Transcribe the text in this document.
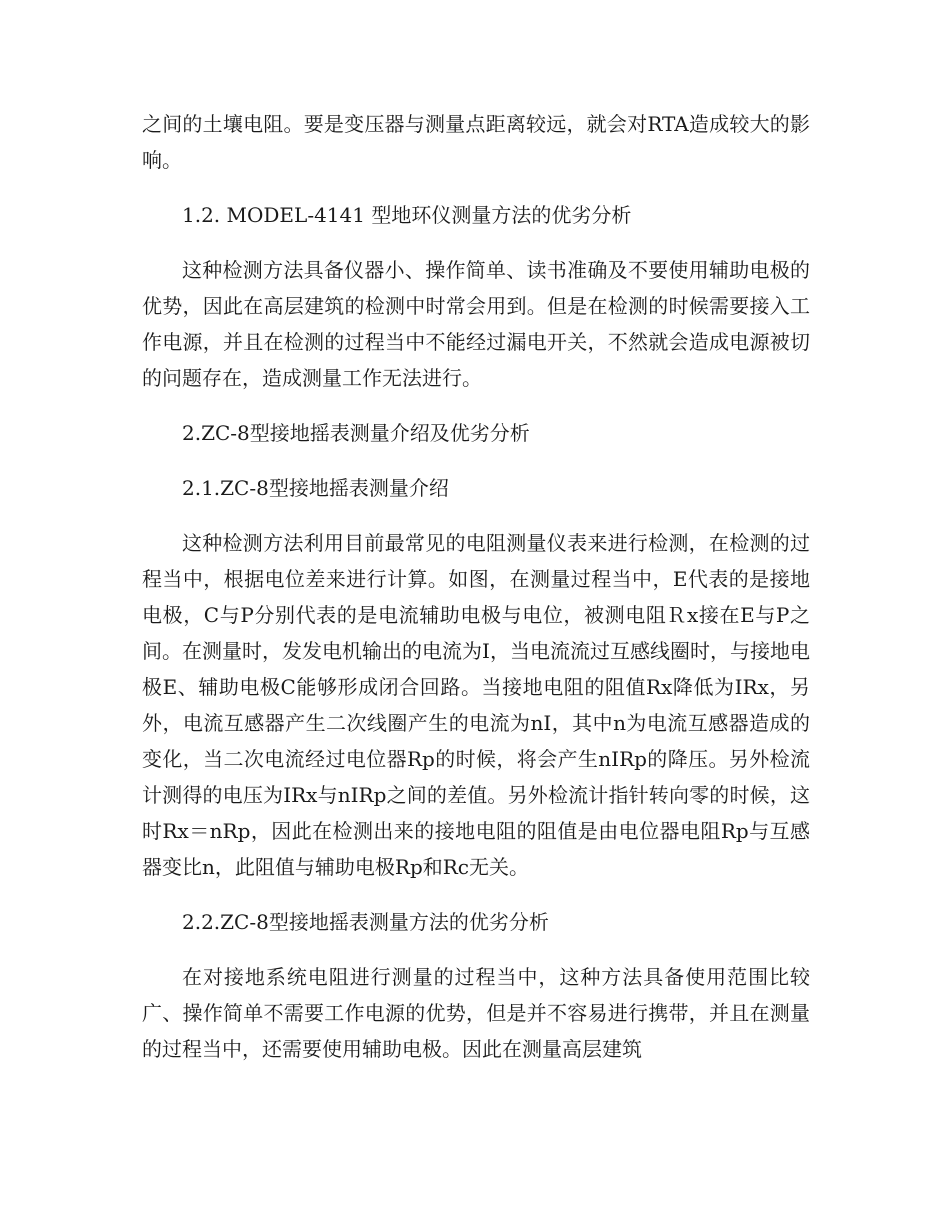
之间的土壤电阻。要是变压器与测量点距离较远，就会对RTA造成较大的影响。

1.2. MODEL-4141 型地环仪测量方法的优劣分析

这种检测方法具备仪器小、操作简单、读书准确及不要使用辅助电极的优势，因此在高层建筑的检测中时常会用到。但是在检测的时候需要接入工作电源，并且在检测的过程当中不能经过漏电开关，不然就会造成电源被切的问题存在，造成测量工作无法进行。

2.ZC-8型接地摇表测量介绍及优劣分析
2.1.ZC-8型接地摇表测量介绍

这种检测方法利用目前最常见的电阻测量仪表来进行检测，在检测的过程当中，根据电位差来进行计算。如图，在测量过程当中，E代表的是接地电极，C与P分别代表的是电流辅助电极与电位，被测电阻Ｒx接在E与P之间。在测量时，发发电机输出的电流为I，当电流流过互感线圈时，与接地电极E、辅助电极C能够形成闭合回路。当接地电阻的阻值Rx降低为IRx，另外，电流互感器产生二次线圈产生的电流为nI，其中n为电流互感器造成的变化，当二次电流经过电位器Rp的时候，将会产生nIRp的降压。另外检流计测得的电压为IRx与nIRp之间的差值。另外检流计指针转向零的时候，这时Rx＝nRp，因此在检测出来的接地电阻的阻值是由电位器电阻Rp与互感器变比n，此阻值与辅助电极Rp和Rc无关。

2.2.ZC-8型接地摇表测量方法的优劣分析

在对接地系统电阻进行测量的过程当中，这种方法具备使用范围比较广、操作简单不需要工作电源的优势，但是并不容易进行携带，并且在测量的过程当中，还需要使用辅助电极。因此在测量高层建筑
